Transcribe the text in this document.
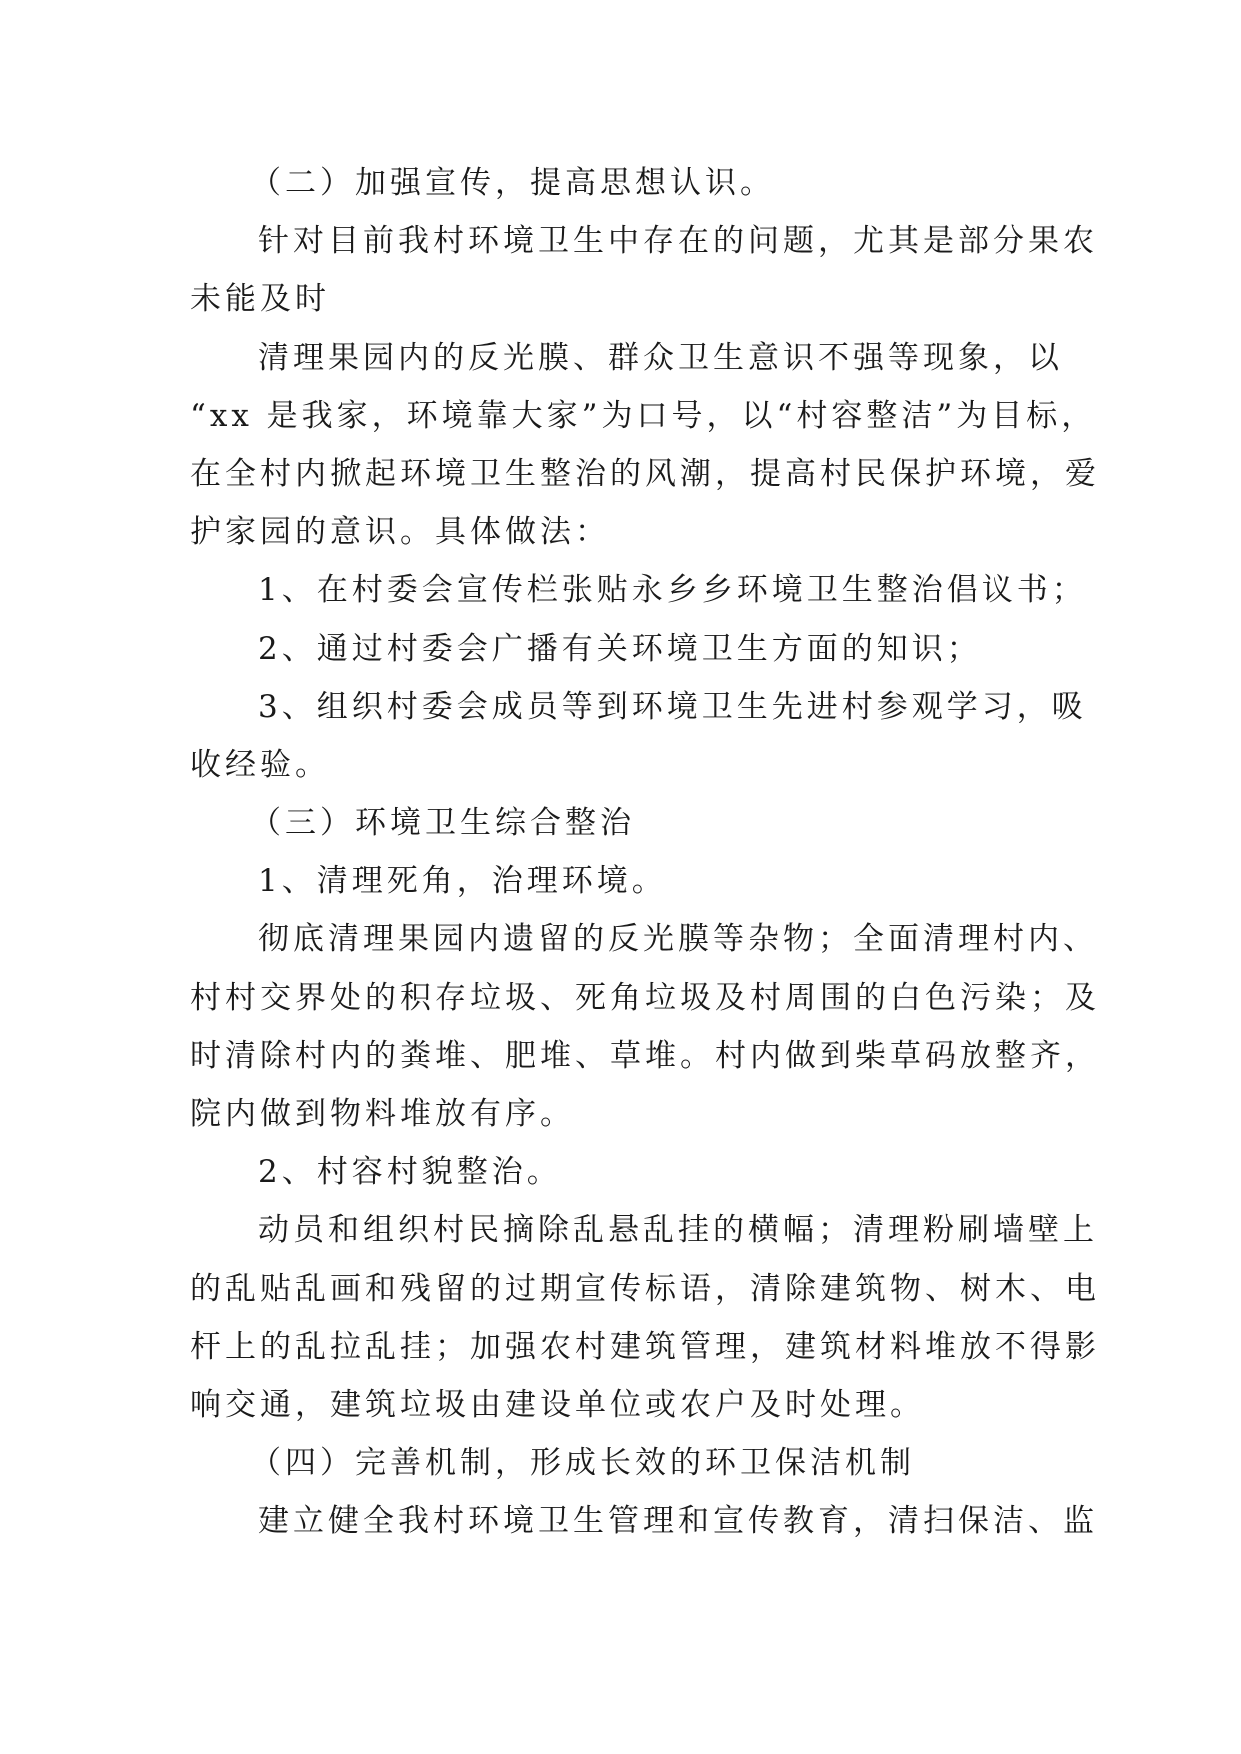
（二）加强宣传，提高思想认识。
针对目前我村环境卫生中存在的问题，尤其是部分果农
未能及时
清理果园内的反光膜、群众卫生意识不强等现象，以
“xx 是我家，环境靠大家”为口号，以“村容整洁”为目标，
在全村内掀起环境卫生整治的风潮，提高村民保护环境，爱
护家园的意识。具体做法：
1、在村委会宣传栏张贴永乡乡环境卫生整治倡议书；
2、通过村委会广播有关环境卫生方面的知识；
3、组织村委会成员等到环境卫生先进村参观学习，吸
收经验。
（三）环境卫生综合整治
1、清理死角，治理环境。
彻底清理果园内遗留的反光膜等杂物；全面清理村内、
村村交界处的积存垃圾、死角垃圾及村周围的白色污染；及
时清除村内的粪堆、肥堆、草堆。村内做到柴草码放整齐，
院内做到物料堆放有序。
2、村容村貌整治。
动员和组织村民摘除乱悬乱挂的横幅；清理粉刷墙壁上
的乱贴乱画和残留的过期宣传标语，清除建筑物、树木、电
杆上的乱拉乱挂；加强农村建筑管理，建筑材料堆放不得影
响交通，建筑垃圾由建设单位或农户及时处理。
（四）完善机制，形成长效的环卫保洁机制
建立健全我村环境卫生管理和宣传教育，清扫保洁、监
